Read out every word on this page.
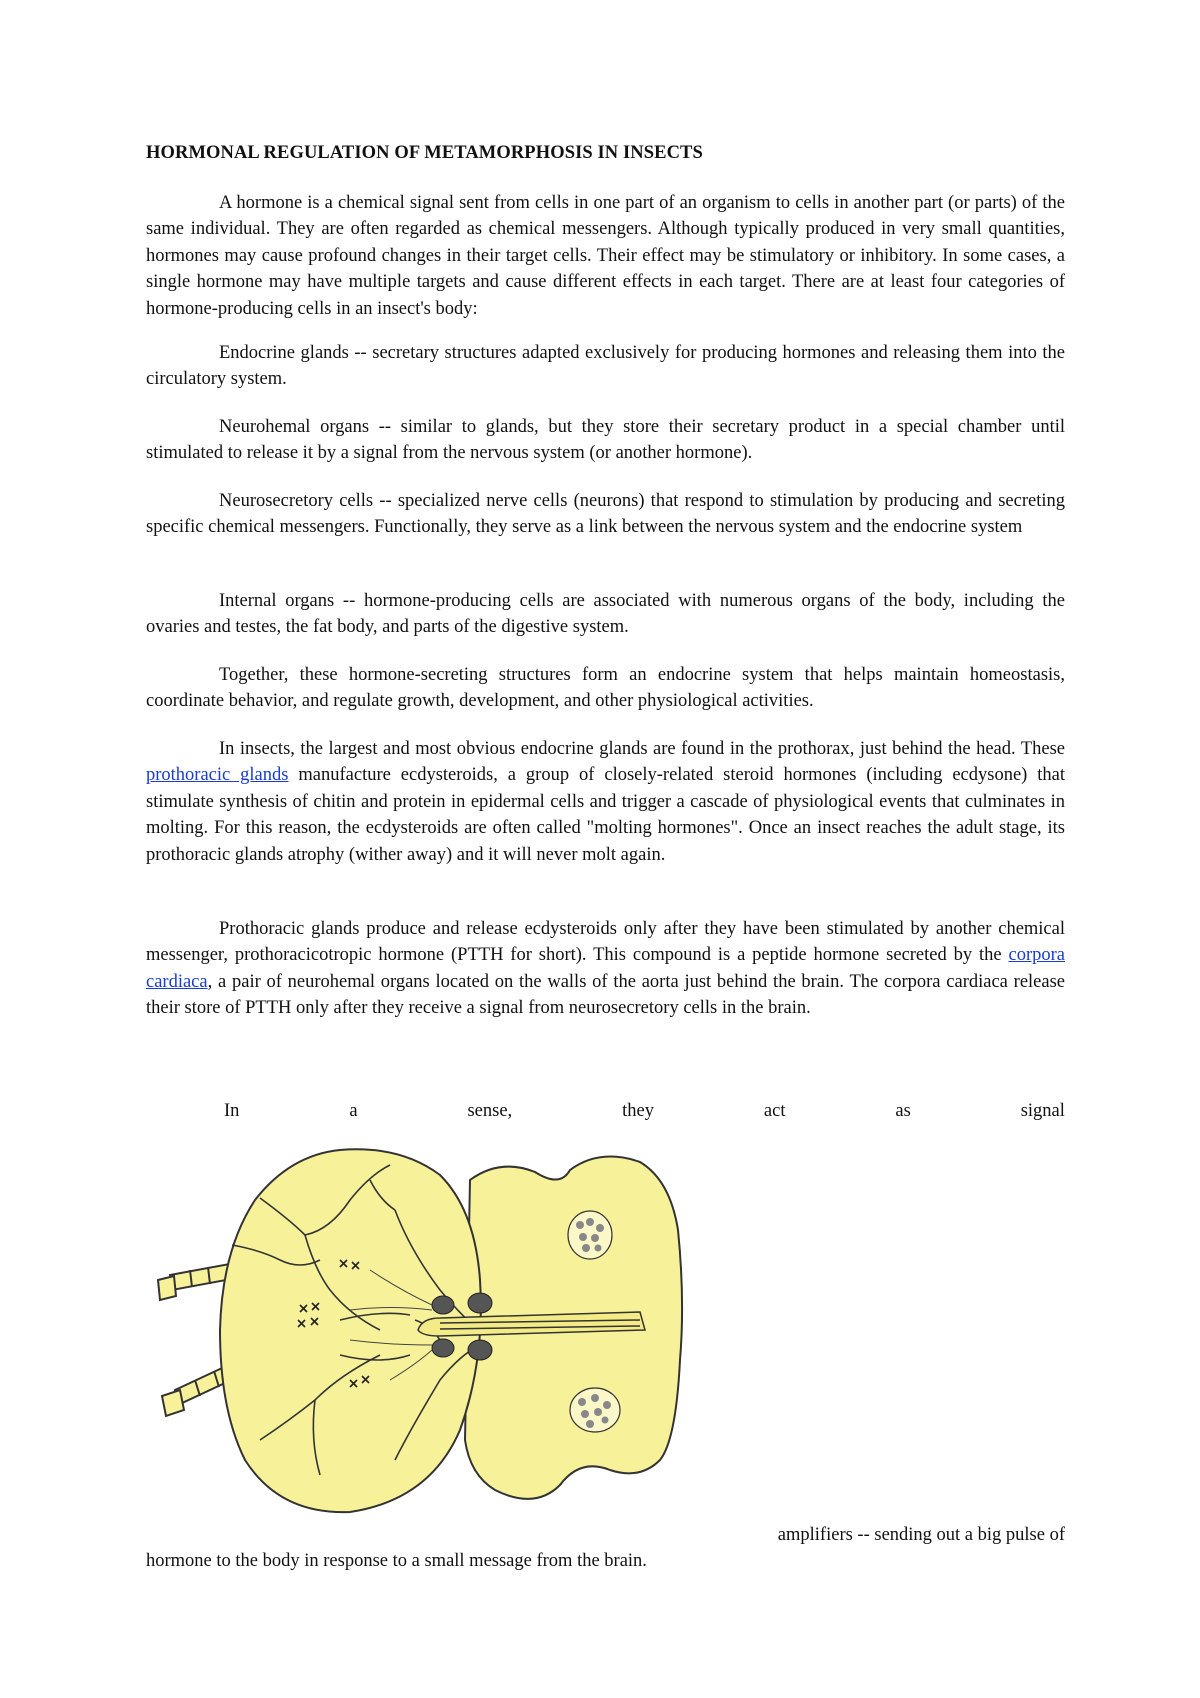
HORMONAL REGULATION OF METAMORPHOSIS IN INSECTS

A hormone is a chemical signal sent from cells in one part of an organism to cells in another part (or parts) of the same individual. They are often regarded as chemical messengers. Although typically produced in very small quantities, hormones may cause profound changes in their target cells. Their effect may be stimulatory or inhibitory. In some cases, a single hormone may have multiple targets and cause different effects in each target. There are at least four categories of hormone-producing cells in an insect's body:

Endocrine glands -- secretary structures adapted exclusively for producing hormones and releasing them into the circulatory system.

Neurohemal organs -- similar to glands, but they store their secretary product in a special chamber until stimulated to release it by a signal from the nervous system (or another hormone).

Neurosecretory cells -- specialized nerve cells (neurons) that respond to stimulation by producing and secreting specific chemical messengers. Functionally, they serve as a link between the nervous system and the endocrine system

Internal organs -- hormone-producing cells are associated with numerous organs of the body, including the ovaries and testes, the fat body, and parts of the digestive system.

Together, these hormone-secreting structures form an endocrine system that helps maintain homeostasis, coordinate behavior, and regulate growth, development, and other physiological activities.

In insects, the largest and most obvious endocrine glands are found in the prothorax, just behind the head. These prothoracic glands manufacture ecdysteroids, a group of closely-related steroid hormones (including ecdysone) that stimulate synthesis of chitin and protein in epidermal cells and trigger a cascade of physiological events that culminates in molting. For this reason, the ecdysteroids are often called "molting hormones". Once an insect reaches the adult stage, its prothoracic glands atrophy (wither away) and it will never molt again.

Prothoracic glands produce and release ecdysteroids only after they have been stimulated by another chemical messenger, prothoracicotropic hormone (PTTH for short). This compound is a peptide hormone secreted by the corpora cardiaca, a pair of neurohemal organs located on the walls of the aorta just behind the brain. The corpora cardiaca release their store of PTTH only after they receive a signal from neurosecretory cells in the brain.

In	a	sense,	they	act	as	signal
amplifiers -- sending out a big pulse of
hormone to the body in response to a small message from the brain.
